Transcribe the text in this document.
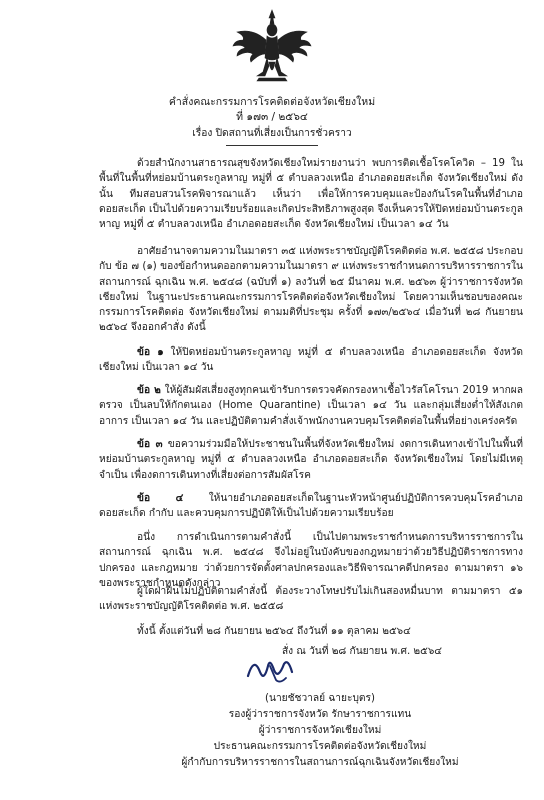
คำสั่งคณะกรรมการโรคติดต่อจังหวัดเชียงใหม่
ที่ ๑๗๓ / ๒๕๖๔
เรื่อง ปิดสถานที่เสี่ยงเป็นการชั่วคราว
ด้วยสำนักงานสาธารณสุขจังหวัดเชียงใหม่รายงานว่า พบการติดเชื้อโรคโควิด – 19 ในพื้นที่ในพื้นที่หย่อมบ้านตระกูลหาญ หมู่ที่ ๕ ตำบลลวงเหนือ อำเภอดอยสะเก็ด จังหวัดเชียงใหม่ ดังนั้น ทีมสอบสวนโรคพิจารณาแล้ว เห็นว่า เพื่อให้การควบคุมและป้องกันโรคในพื้นที่อำเภอดอยสะเก็ด เป็นไปด้วยความเรียบร้อยและเกิดประสิทธิภาพสูงสุด จึงเห็นควรให้ปิดหย่อมบ้านตระกูลหาญ หมู่ที่ ๕ ตำบลลวงเหนือ อำเภอดอยสะเก็ด จังหวัดเชียงใหม่ เป็นเวลา ๑๔ วัน
อาศัยอำนาจตามความในมาตรา ๓๕ แห่งพระราชบัญญัติโรคติดต่อ พ.ศ. ๒๕๕๘ ประกอบกับ ข้อ ๗ (๑) ของข้อกำหนดออกตามความในมาตรา ๙ แห่งพระราชกำหนดการบริหารราชการในสถานการณ์ ฉุกเฉิน พ.ศ. ๒๕๔๘ (ฉบับที่ ๑) ลงวันที่ ๒๕ มีนาคม พ.ศ. ๒๕๖๓ ผู้ว่าราชการจังหวัดเชียงใหม่ ในฐานะประธานคณะกรรมการโรคติดต่อจังหวัดเชียงใหม่ โดยความเห็นชอบของคณะกรรมการโรคติดต่อ จังหวัดเชียงใหม่ ตามมติที่ประชุม ครั้งที่ ๑๗๓/๒๕๖๔ เมื่อวันที่ ๒๘ กันยายน ๒๕๖๔ จึงออกคำสั่ง ดังนี้
ข้อ ๑ ให้ปิดหย่อมบ้านตระกูลหาญ หมู่ที่ ๕ ตำบลลวงเหนือ อำเภอดอยสะเก็ด จังหวัดเชียงใหม่ เป็นเวลา ๑๔ วัน
ข้อ ๒ ให้ผู้สัมผัสเสี่ยงสูงทุกคนเข้ารับการตรวจคัดกรองหาเชื้อไวรัสโคโรนา 2019 หากผลตรวจ เป็นลบให้กักตนเอง (Home Quarantine) เป็นเวลา ๑๔ วัน และกลุ่มเสี่ยงต่ำให้สังเกตอาการ เป็นเวลา ๑๔ วัน และปฏิบัติตามคำสั่งเจ้าพนักงานควบคุมโรคติดต่อในพื้นที่อย่างเคร่งครัด
ข้อ ๓ ขอความร่วมมือให้ประชาชนในพื้นที่จังหวัดเชียงใหม่ งดการเดินทางเข้าไปในพื้นที่ หย่อมบ้านตระกูลหาญ หมู่ที่ ๕ ตำบลลวงเหนือ อำเภอดอยสะเก็ด จังหวัดเชียงใหม่ โดยไม่มีเหตุจำเป็น เพื่องดการเดินทางที่เสี่ยงต่อการสัมผัสโรค
ข้อ ๔ ให้นายอำเภอดอยสะเก็ดในฐานะหัวหน้าศูนย์ปฏิบัติการควบคุมโรคอำเภอดอยสะเก็ด กำกับ และควบคุมการปฏิบัติให้เป็นไปด้วยความเรียบร้อย
อนึ่ง การดำเนินการตามคำสั่งนี้ เป็นไปตามพระราชกำหนดการบริหารราชการในสถานการณ์ ฉุกเฉิน พ.ศ. ๒๕๔๘ จึงไม่อยู่ในบังคับของกฎหมายว่าด้วยวิธีปฏิบัติราชการทางปกครอง และกฎหมาย ว่าด้วยการจัดตั้งศาลปกครองและวิธีพิจารณาคดีปกครอง ตามมาตรา ๑๖ ของพระราชกำหนดดังกล่าว
ผู้ใดฝ่าฝืนไม่ปฏิบัติตามคำสั่งนี้ ต้องระวางโทษปรับไม่เกินสองหมื่นบาท ตามมาตรา ๕๑ แห่งพระราชบัญญัติโรคติดต่อ พ.ศ. ๒๕๕๘
ทั้งนี้ ตั้งแต่วันที่ ๒๘ กันยายน ๒๕๖๔ ถึงวันที่ ๑๑ ตุลาคม ๒๕๖๔
สั่ง ณ วันที่ ๒๘ กันยายน พ.ศ. ๒๕๖๔
(นายชัชวาลย์ ฉายะบุตร)
รองผู้ว่าราชการจังหวัด รักษาราชการแทน
ผู้ว่าราชการจังหวัดเชียงใหม่
ประธานคณะกรรมการโรคติดต่อจังหวัดเชียงใหม่
ผู้กำกับการบริหารราชการในสถานการณ์ฉุกเฉินจังหวัดเชียงใหม่
